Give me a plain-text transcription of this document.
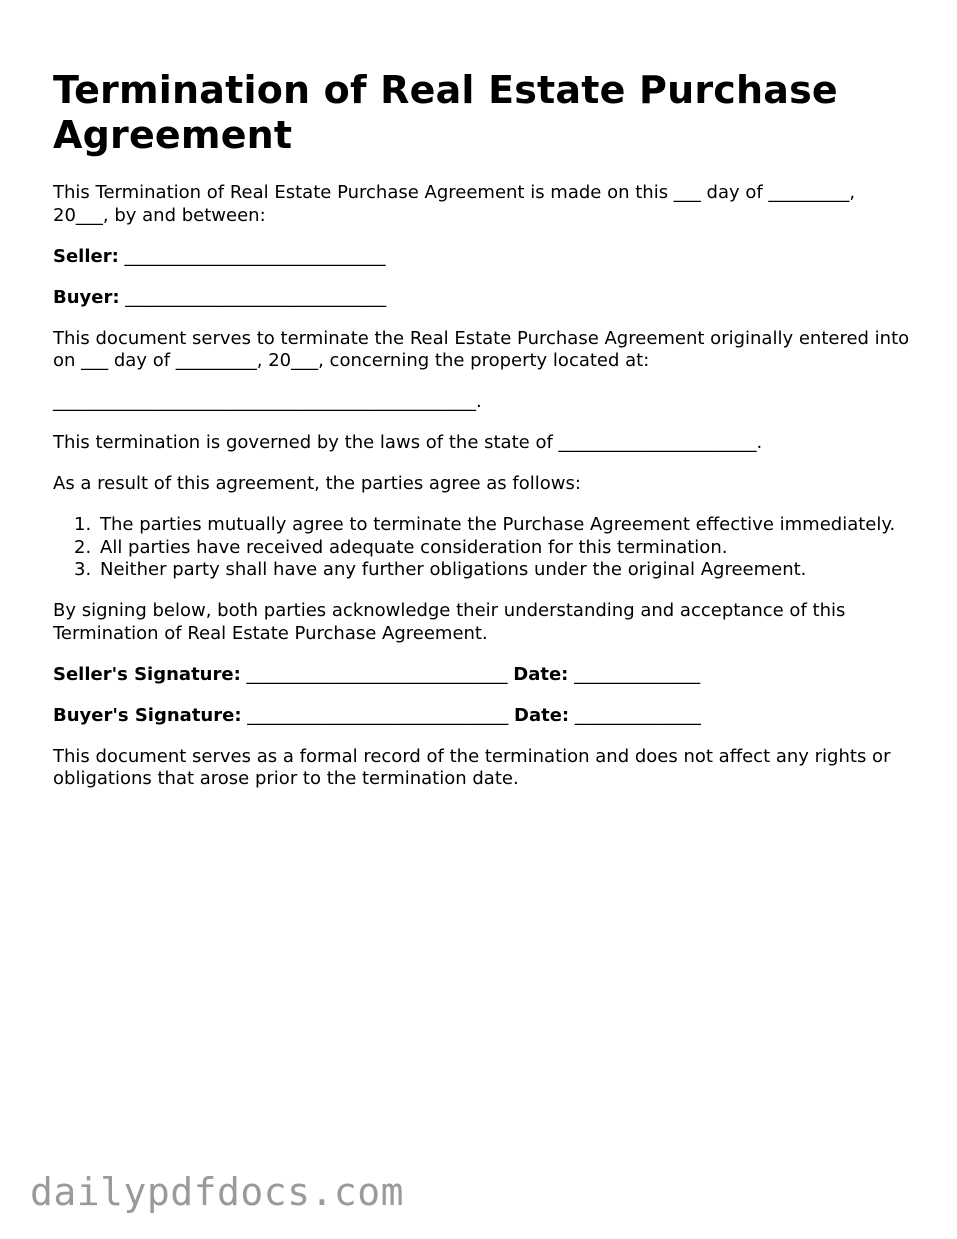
Termination of Real Estate Purchase Agreement

This Termination of Real Estate Purchase Agreement is made on this ___ day of _________, 20___, by and between:

Seller: _____________________________

Buyer: _____________________________

This document serves to terminate the Real Estate Purchase Agreement originally entered into on ___ day of _________, 20___, concerning the property located at:

_______________________________________________.

This termination is governed by the laws of the state of ______________________.

As a result of this agreement, the parties agree as follows:

1. The parties mutually agree to terminate the Purchase Agreement effective immediately.
2. All parties have received adequate consideration for this termination.
3. Neither party shall have any further obligations under the original Agreement.

By signing below, both parties acknowledge their understanding and acceptance of this Termination of Real Estate Purchase Agreement.

Seller's Signature: _____________________________ Date: ______________

Buyer's Signature: _____________________________ Date: ______________

This document serves as a formal record of the termination and does not affect any rights or obligations that arose prior to the termination date.

dailypdfdocs.com
